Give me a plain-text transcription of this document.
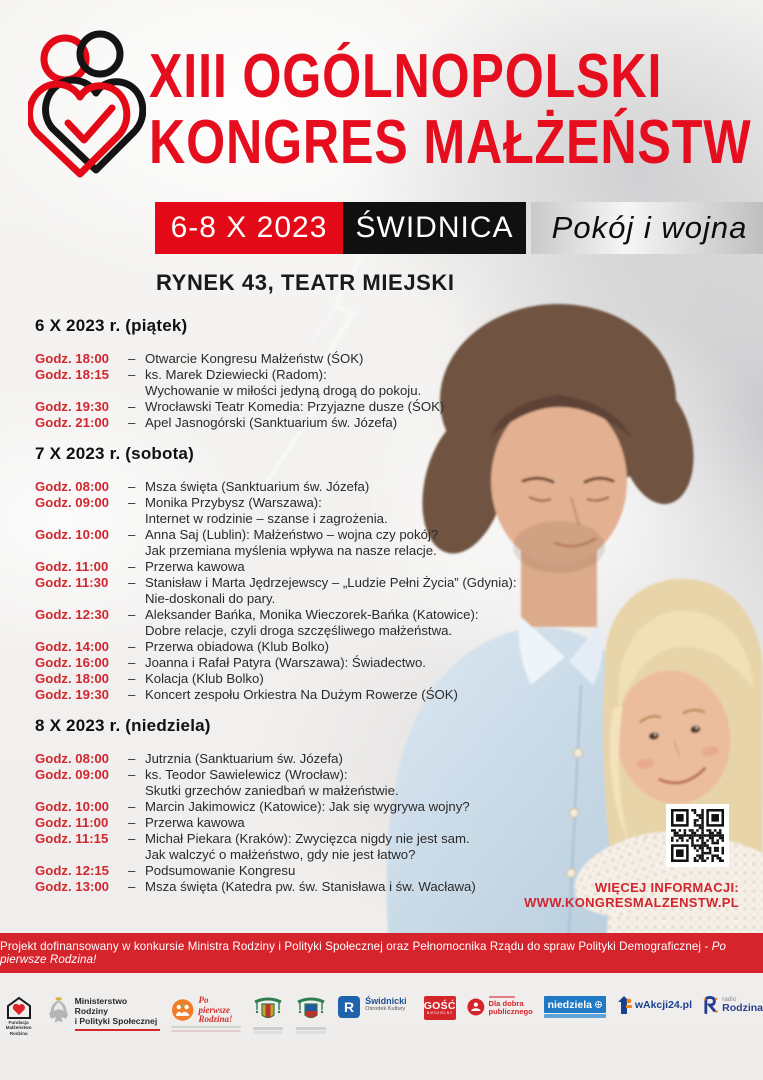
XIII OGÓLNOPOLSKI
KONGRES MAŁŻEŃSTW
6-8 X 2023 ŚWIDNICA	Pokój i wojna
RYNEK 43, TEATR MIEJSKI
6 X 2023 r. (piątek)
Godz. 18:00	– Otwarcie Kongresu Małżeństw (ŚOK)
Godz. 18:15	– ks. Marek Dziewiecki (Radom):
Wychowanie w miłości jedyną drogą do pokoju.
Godz. 19:30	– Wrocławski Teatr Komedia: Przyjazne dusze (ŚOK)
Godz. 21:00	– Apel Jasnogórski (Sanktuarium św. Józefa)
7 X 2023 r. (sobota)
Godz. 08:00	– Msza święta (Sanktuarium św. Józefa)
Godz. 09:00	– Monika Przybysz (Warszawa):
Internet w rodzinie – szanse i zagrożenia.
Godz. 10:00	– Anna Saj (Lublin): Małżeństwo – wojna czy pokój?
Jak przemiana myślenia wpływa na nasze relacje.
Godz. 11:00	– Przerwa kawowa
Godz. 11:30	– Stanisław i Marta Jędrzejewscy – „Ludzie Pełni Życia” (Gdynia):
Nie-doskonali do pary.
Godz. 12:30	– Aleksander Bańka, Monika Wieczorek-Bańka (Katowice):
Dobre relacje, czyli droga szczęśliwego małżeństwa.
Godz. 14:00	– Przerwa obiadowa (Klub Bolko)
Godz. 16:00	– Joanna i Rafał Patyra (Warszawa): Świadectwo.
Godz. 18:00	– Kolacja (Klub Bolko)
Godz. 19:30	– Koncert zespołu Orkiestra Na Dużym Rowerze (ŚOK)
8 X 2023 r. (niedziela)
Godz. 08:00	– Jutrznia (Sanktuarium św. Józefa)
Godz. 09:00	– ks. Teodor Sawielewicz (Wrocław):
Skutki grzechów zaniedbań w małżeństwie.
Godz. 10:00	– Marcin Jakimowicz (Katowice): Jak się wygrywa wojny?
Godz. 11:00	– Przerwa kawowa
Godz. 11:15	– Michał Piekara (Kraków): Zwycięzca nigdy nie jest sam.
Jak walczyć o małżeństwo, gdy nie jest łatwo?
Godz. 12:15	– Podsumowanie Kongresu
Godz. 13:00	– Msza święta (Katedra pw. św. Stanisława i św. Wacława)	WIĘCEJ INFORMACJI:
WWW.KONGRESMALZENSTW.PL
Projekt dofinansowany w konkursie Ministra Rodziny i Polityki Społecznej oraz Pełnomocnika Rządu do spraw Polityki Demograficznej - Po pierwsze Rodzina!
Fundacja
Małżeństwo
Rodzina
Ministerstwo Rodziny
i Polityki Społecznej
Po pierwsze
Rodzina!
R	Świdnicki
Ośrodek Kultury GOŚĆ
NIEDZIELNY
Dla dobra
publicznego
niedziela	wAkcji24.pl	radio
Rodzina
